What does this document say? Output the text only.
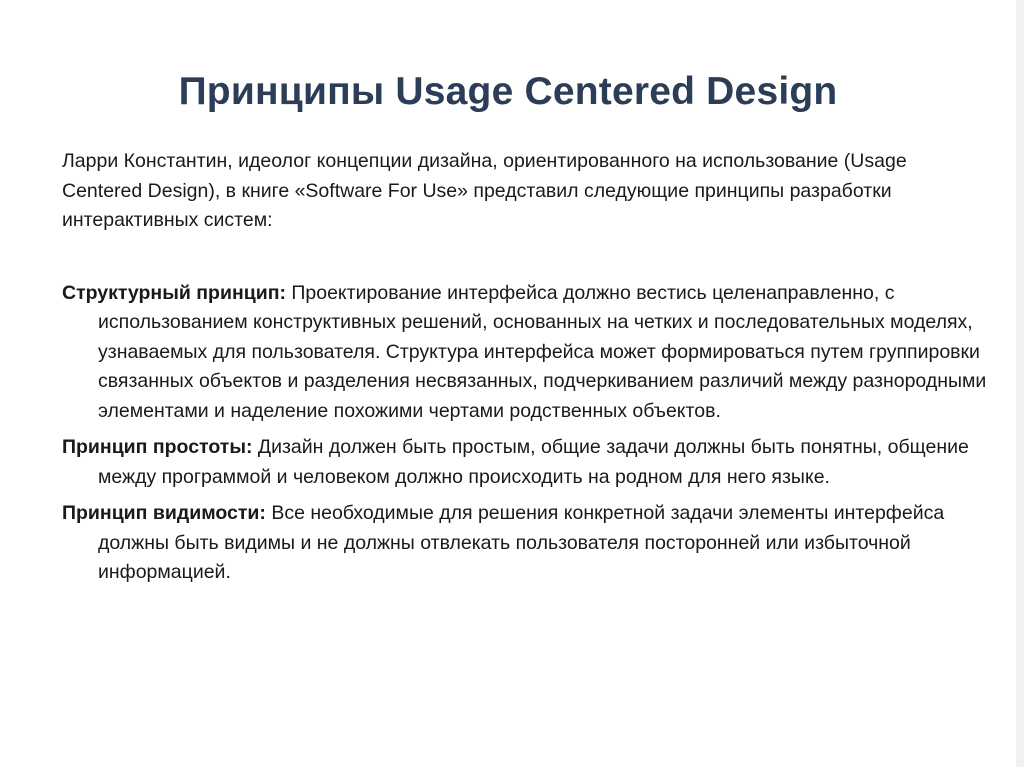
Принципы Usage Centered Design

Ларри Константин, идеолог концепции дизайна, ориентированного на использование (Usage Centered Design), в книге «Software For Use» представил следующие принципы разработки интерактивных систем:

Структурный принцип: Проектирование интерфейса должно вестись целенаправленно, с использованием конструктивных решений, основанных на четких и последовательных моделях, узнаваемых для пользователя. Структура интерфейса может формироваться путем группировки связанных объектов и разделения несвязанных, подчеркиванием различий между разнородными элементами и наделение похожими чертами родственных объектов.

Принцип простоты: Дизайн должен быть простым, общие задачи должны быть понятны, общение между программой и человеком должно происходить на родном для него языке.

Принцип видимости: Все необходимые для решения конкретной задачи элементы интерфейса должны быть видимы и не должны отвлекать пользователя посторонней или избыточной информацией.
